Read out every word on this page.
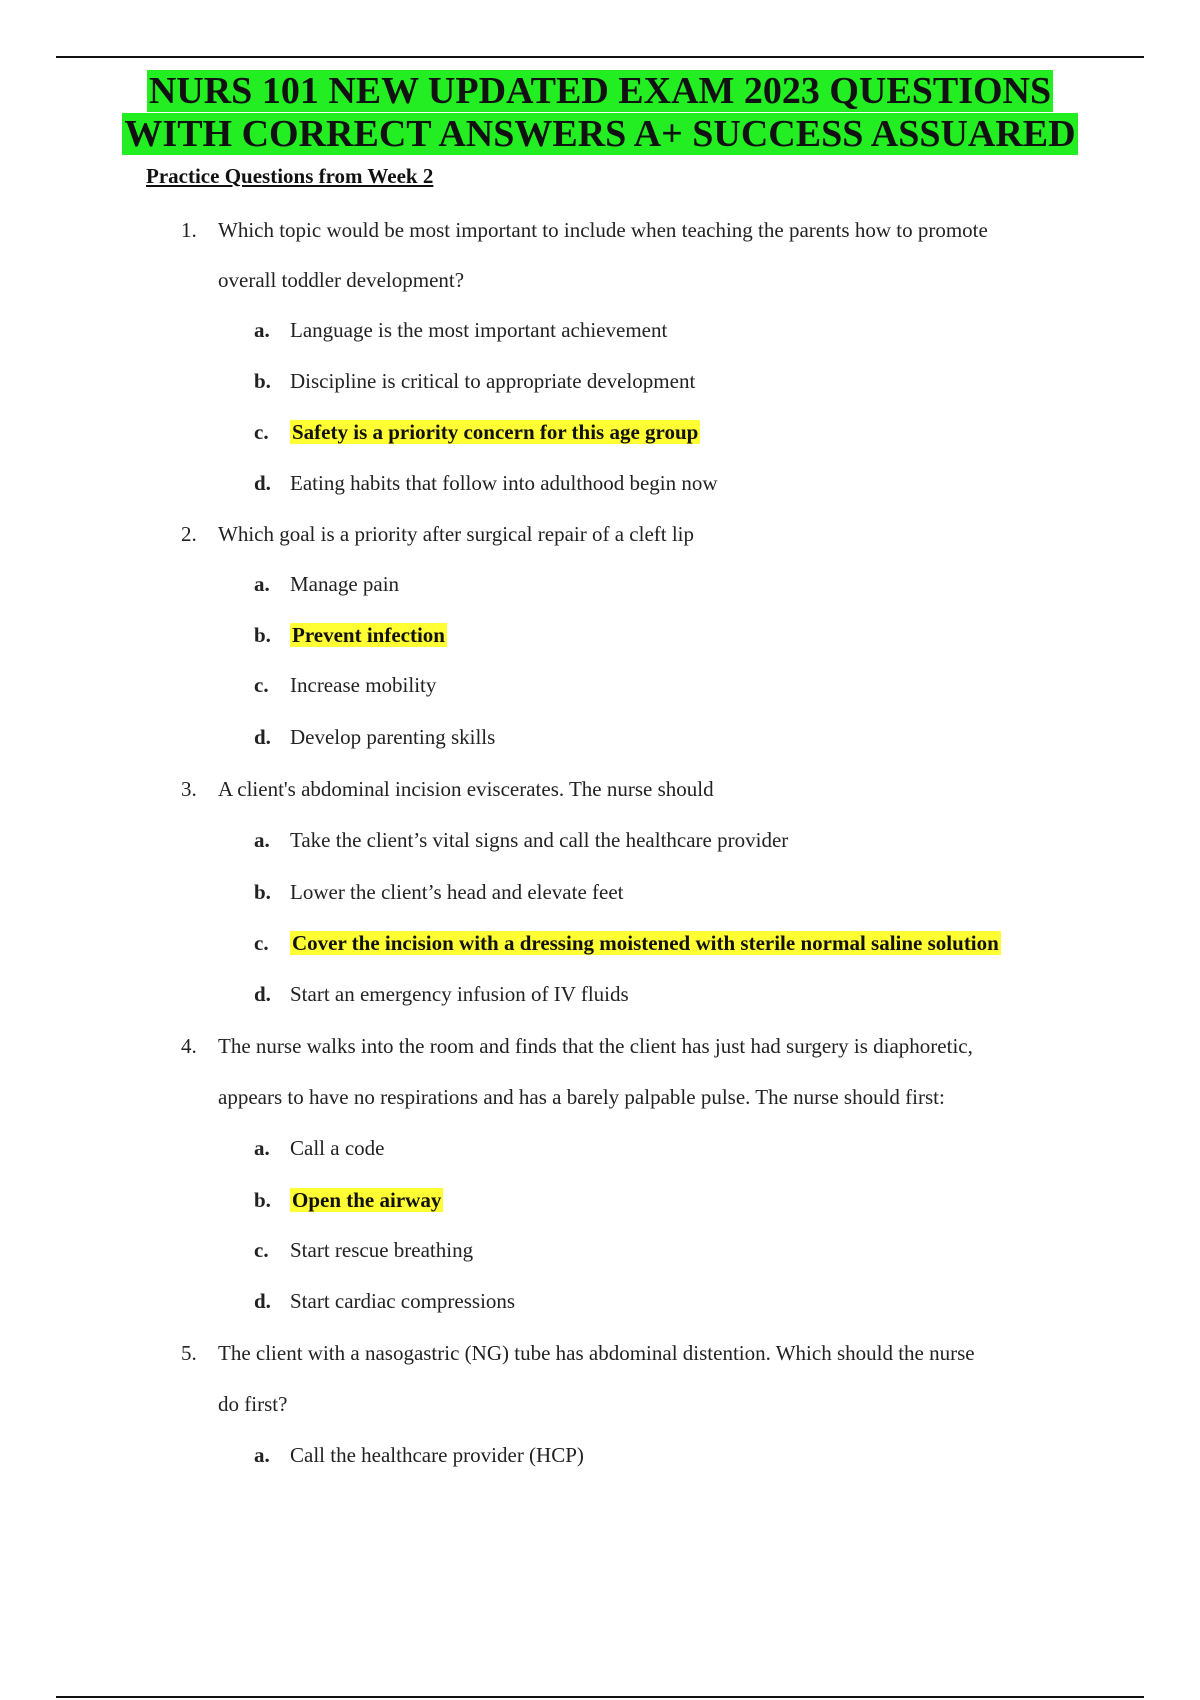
NURS 101 NEW UPDATED EXAM 2023 QUESTIONS
WITH CORRECT ANSWERS A+ SUCCESS ASSUARED
Practice Questions from Week 2
1.	Which topic would be most important to include when teaching the parents how to promote
overall toddler development?
a. Language is the most important achievement
b. Discipline is critical to appropriate development
c. Safety is a priority concern for this age group
d. Eating habits that follow into adulthood begin now
2.	Which goal is a priority after surgical repair of a cleft lip
a. Manage pain
b. Prevent infection
c. Increase mobility
d. Develop parenting skills
3.	A client's abdominal incision eviscerates. The nurse should
a. Take the client’s vital signs and call the healthcare provider
b. Lower the client’s head and elevate feet
c. Cover the incision with a dressing moistened with sterile normal saline solution
d. Start an emergency infusion of IV fluids
4.	The nurse walks into the room and finds that the client has just had surgery is diaphoretic,
appears to have no respirations and has a barely palpable pulse. The nurse should first:
a. Call a code
b. Open the airway
c. Start rescue breathing
d. Start cardiac compressions
5.	The client with a nasogastric (NG) tube has abdominal distention. Which should the nurse
do first?
a. Call the healthcare provider (HCP)
